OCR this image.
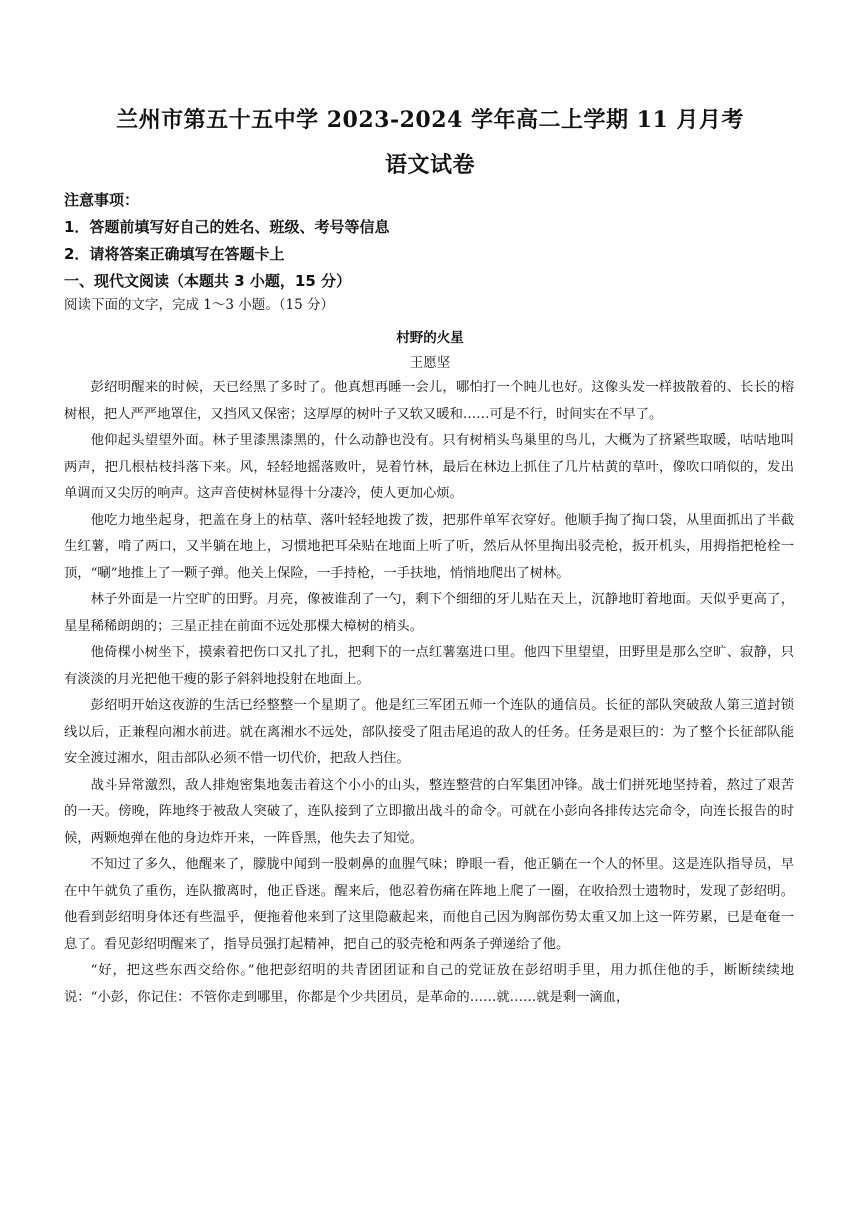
兰州市第五十五中学 2023-2024 学年高二上学期 11 月月考
语文试卷
注意事项：
1．答题前填写好自己的姓名、班级、考号等信息
2．请将答案正确填写在答题卡上
一、现代文阅读（本题共 3 小题，15 分）
阅读下面的文字，完成 1～3 小题。（15 分）
村野的火星
王愿坚

彭绍明醒来的时候，天已经黑了多时了。他真想再睡一会儿，哪怕打一个盹儿也好。这像头发一样披散着的、长长的榕树根，把人严严地罩住，又挡风又保密；这厚厚的树叶子又软又暖和……可是不行，时间实在不早了。

他仰起头望望外面。林子里漆黑漆黑的，什么动静也没有。只有树梢头鸟巢里的鸟儿，大概为了挤紧些取暖，咕咕地叫两声，把几根枯枝抖落下来。风，轻轻地摇落败叶，晃着竹林，最后在林边上抓住了几片枯黄的草叶，像吹口哨似的，发出单调而又尖厉的响声。这声音使树林显得十分凄冷，使人更加心烦。

他吃力地坐起身，把盖在身上的枯草、落叶轻轻地拨了拨，把那件单军衣穿好。他顺手掏了掏口袋，从里面抓出了半截生红薯，啃了两口，又半躺在地上，习惯地把耳朵贴在地面上听了听，然后从怀里掏出驳壳枪，扳开机头，用拇指把枪栓一顶，“唰”地推上了一颗子弹。他关上保险，一手持枪，一手扶地，悄悄地爬出了树林。

林子外面是一片空旷的田野。月亮，像被谁刮了一勺，剩下个细细的牙儿贴在天上，沉静地盯着地面。天似乎更高了，星星稀稀朗朗的；三星正挂在前面不远处那棵大樟树的梢头。

他倚棵小树坐下，摸索着把伤口又扎了扎，把剩下的一点红薯塞进口里。他四下里望望，田野里是那么空旷、寂静，只有淡淡的月光把他干瘦的影子斜斜地投射在地面上。

彭绍明开始这夜游的生活已经整整一个星期了。他是红三军团五师一个连队的通信员。长征的部队突破敌人第三道封锁线以后，正兼程向湘水前进。就在离湘水不远处，部队接受了阻击尾追的敌人的任务。任务是艰巨的：为了整个长征部队能安全渡过湘水，阻击部队必须不惜一切代价，把敌人挡住。

战斗异常激烈，敌人排炮密集地轰击着这个小小的山头，整连整营的白军集团冲锋。战士们拼死地坚持着，熬过了艰苦的一天。傍晚，阵地终于被敌人突破了，连队接到了立即撤出战斗的命令。可就在小彭向各排传达完命令，向连长报告的时候，两颗炮弹在他的身边炸开来，一阵昏黑，他失去了知觉。

不知过了多久，他醒来了，朦胧中闻到一股刺鼻的血腥气味；睁眼一看，他正躺在一个人的怀里。这是连队指导员，早在中午就负了重伤，连队撤离时，他正昏迷。醒来后，他忍着伤痛在阵地上爬了一圈，在收拾烈士遗物时，发现了彭绍明。他看到彭绍明身体还有些温乎，便拖着他来到了这里隐蔽起来，而他自己因为胸部伤势太重又加上这一阵劳累，已是奄奄一息了。看见彭绍明醒来了，指导员强打起精神，把自己的驳壳枪和两条子弹递给了他。

“好，把这些东西交给你。”他把彭绍明的共青团团证和自己的党证放在彭绍明手里，用力抓住他的手，断断续续地说：“小彭，你记住：不管你走到哪里，你都是个少共团员，是革命的……就……就是剩一滴血，
